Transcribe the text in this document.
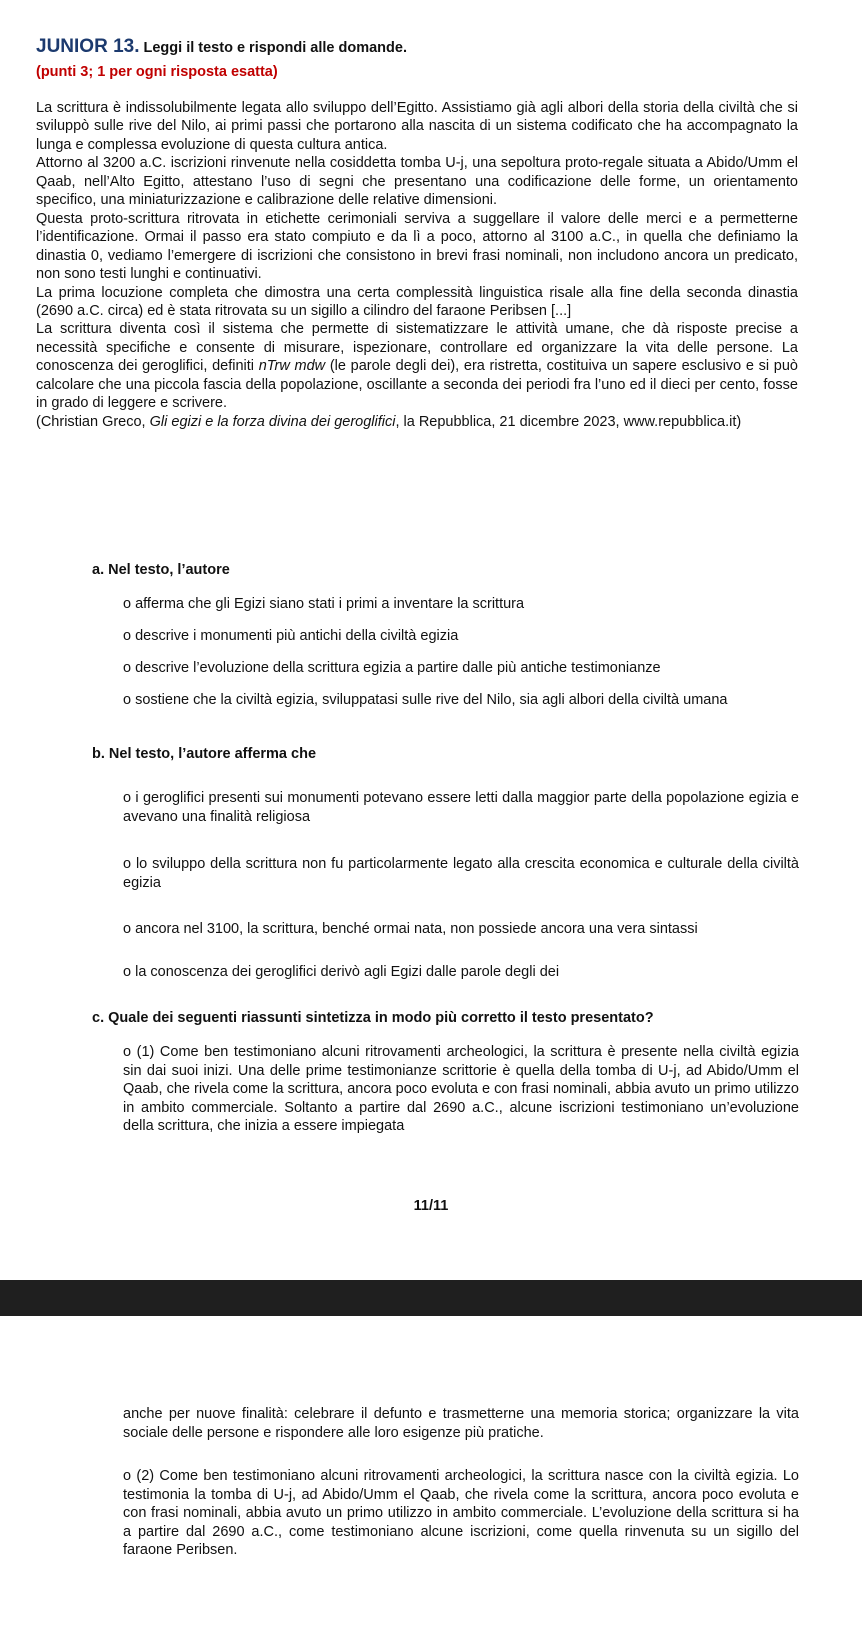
JUNIOR 13. Leggi il testo e rispondi alle domande.
(punti 3; 1 per ogni risposta esatta)

La scrittura è indissolubilmente legata allo sviluppo dell’Egitto. Assistiamo già agli albori della storia della civiltà che si sviluppò sulle rive del Nilo, ai primi passi che portarono alla nascita di un sistema codificato che ha accompagnato la lunga e complessa evoluzione di questa cultura antica.

Attorno al 3200 a.C. iscrizioni rinvenute nella cosiddetta tomba U-j, una sepoltura proto-regale situata a Abido/Umm el Qaab, nell’Alto Egitto, attestano l’uso di segni che presentano una codificazione delle forme, un orientamento specifico, una miniaturizzazione e calibrazione delle relative dimensioni.

Questa proto-scrittura ritrovata in etichette cerimoniali serviva a suggellare il valore delle merci e a permetterne l’identificazione. Ormai il passo era stato compiuto e da lì a poco, attorno al 3100 a.C., in quella che definiamo la dinastia 0, vediamo l’emergere di iscrizioni che consistono in brevi frasi nominali, non includono ancora un predicato, non sono testi lunghi e continuativi.

La prima locuzione completa che dimostra una certa complessità linguistica risale alla fine della seconda dinastia (2690 a.C. circa) ed è stata ritrovata su un sigillo a cilindro del faraone Peribsen [...]

La scrittura diventa così il sistema che permette di sistematizzare le attività umane, che dà risposte precise a necessità specifiche e consente di misurare, ispezionare, controllare ed organizzare la vita delle persone. La conoscenza dei geroglifici, definiti nTrw mdw (le parole degli dei), era ristretta, costituiva un sapere esclusivo e si può calcolare che una piccola fascia della popolazione, oscillante a seconda dei periodi fra l’uno ed il dieci per cento, fosse in grado di leggere e scrivere.

(Christian Greco, Gli egizi e la forza divina dei geroglifici, la Repubblica, 21 dicembre 2023, www.repubblica.it)

a. Nel testo, l’autore
o afferma che gli Egizi siano stati i primi a inventare la scrittura
o descrive i monumenti più antichi della civiltà egizia
o descrive l’evoluzione della scrittura egizia a partire dalle più antiche testimonianze
o sostiene che la civiltà egizia, sviluppatasi sulle rive del Nilo, sia agli albori della civiltà umana
b. Nel testo, l’autore afferma che
o i geroglifici presenti sui monumenti potevano essere letti dalla maggior parte della popolazione egizia e avevano una finalità religiosa
o lo sviluppo della scrittura non fu particolarmente legato alla crescita economica e culturale della civiltà egizia
o ancora nel 3100, la scrittura, benché ormai nata, non possiede ancora una vera sintassi
o la conoscenza dei geroglifici derivò agli Egizi dalle parole degli dei
c. Quale dei seguenti riassunti sintetizza in modo più corretto il testo presentato?
o (1) Come ben testimoniano alcuni ritrovamenti archeologici, la scrittura è presente nella civiltà egizia sin dai suoi inizi. Una delle prime testimonianze scrittorie è quella della tomba di U-j, ad Abido/Umm el Qaab, che rivela come la scrittura, ancora poco evoluta e con frasi nominali, abbia avuto un primo utilizzo in ambito commerciale. Soltanto a partire dal 2690 a.C., alcune iscrizioni testimoniano un’evoluzione della scrittura, che inizia a essere impiegata
11/11
anche per nuove finalità: celebrare il defunto e trasmetterne una memoria storica; organizzare la vita sociale delle persone e rispondere alle loro esigenze più pratiche.
o (2) Come ben testimoniano alcuni ritrovamenti archeologici, la scrittura nasce con la civiltà egizia. Lo testimonia la tomba di U-j, ad Abido/Umm el Qaab, che rivela come la scrittura, ancora poco evoluta e con frasi nominali, abbia avuto un primo utilizzo in ambito commerciale. L’evoluzione della scrittura si ha a partire dal 2690 a.C., come testimoniano alcune iscrizioni, come quella rinvenuta su un sigillo del faraone Peribsen.
